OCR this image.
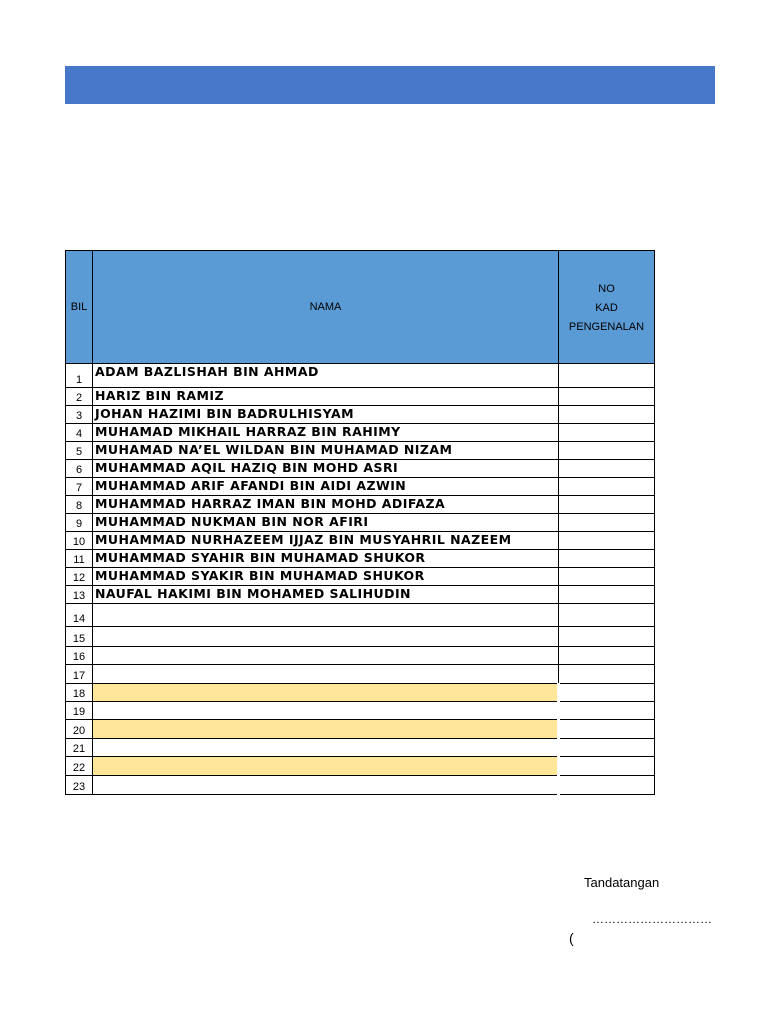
BIL	NAMA	NO
KAD
PENGENALAN

1	ADAM BAZLISHAH BIN AHMAD	
2	HARIZ BIN RAMIZ	
3	JOHAN HAZIMI BIN BADRULHISYAM	
4	MUHAMAD MIKHAIL HARRAZ BIN RAHIMY	
5	MUHAMAD NA’EL WILDAN BIN MUHAMAD NIZAM	
6	MUHAMMAD AQIL HAZIQ BIN MOHD ASRI	
7	MUHAMMAD ARIF AFANDI BIN AIDI AZWIN	
8	MUHAMMAD HARRAZ IMAN BIN MOHD ADIFAZA	
9	MUHAMMAD NUKMAN BIN NOR AFIRI	
10	MUHAMMAD NURHAZEEM IJJAZ BIN MUSYAHRIL NAZEEM	
11	MUHAMMAD SYAHIR BIN MUHAMAD SHUKOR	
12	MUHAMMAD SYAKIR BIN MUHAMAD SHUKOR	
13	NAUFAL HAKIMI BIN MOHAMED SALIHUDIN	
14		
15		
16		
17		
18		
19		
20		
21		
22		
23		
Tandatangan
…………………………
(
